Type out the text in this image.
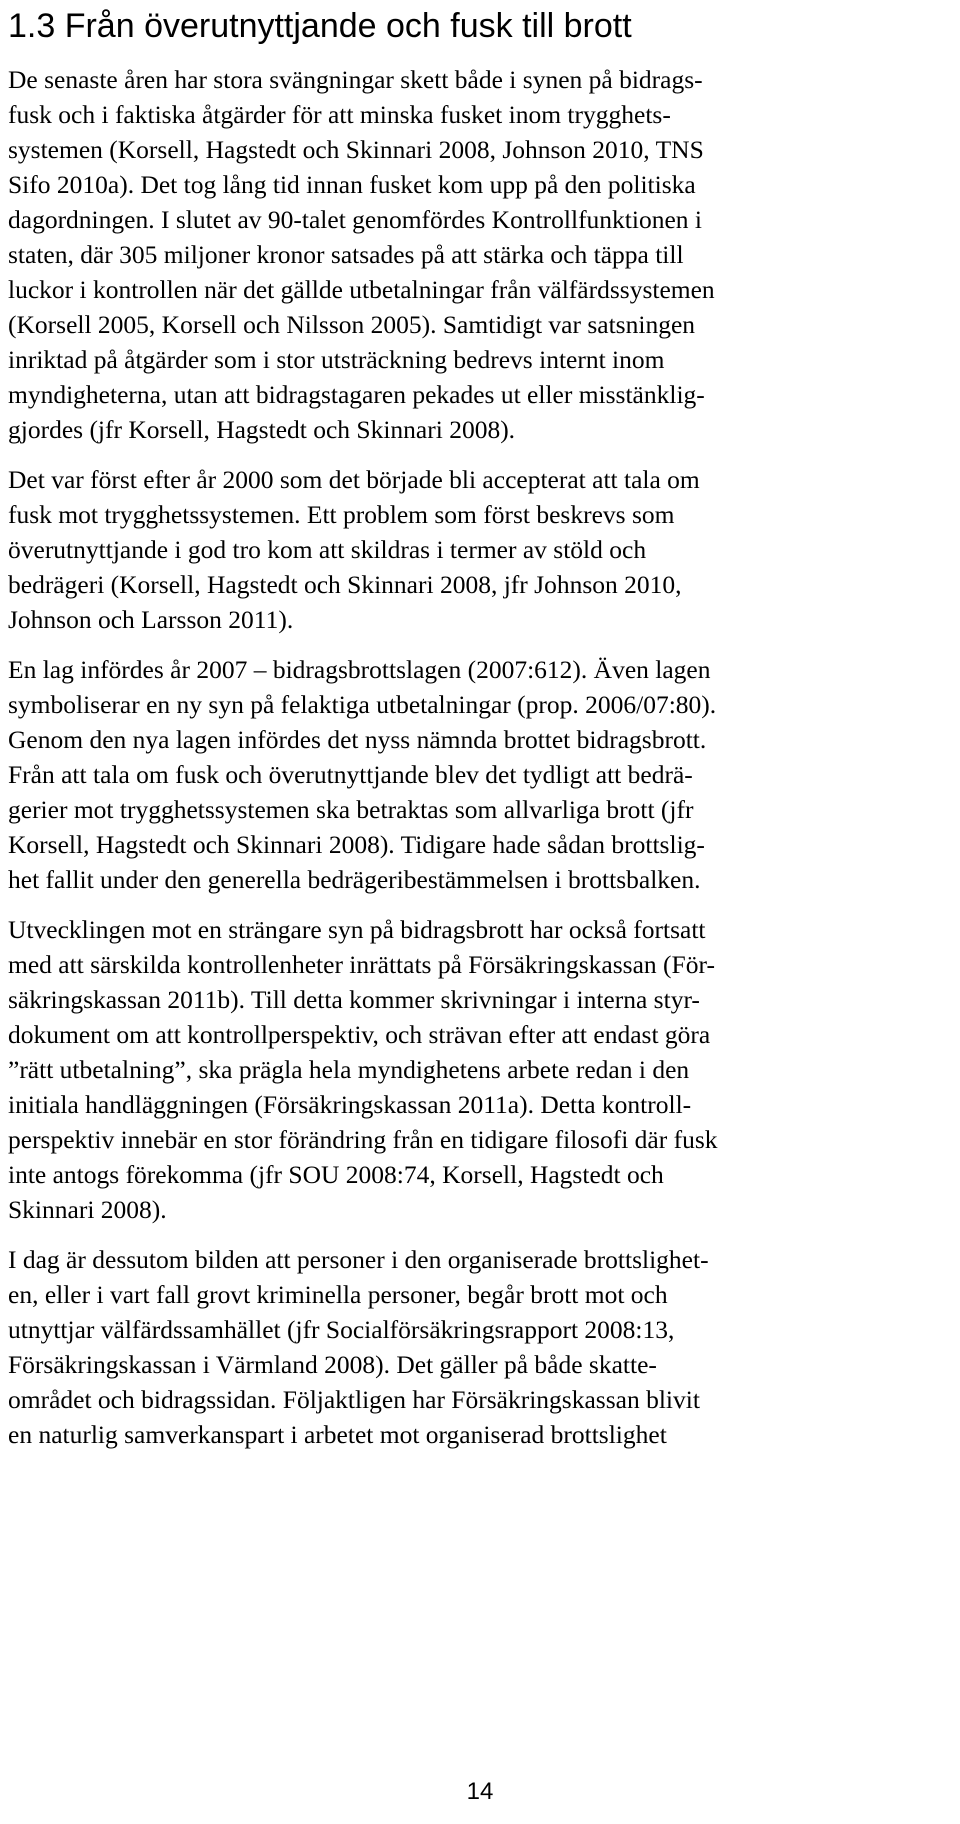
1.3 Från överutnyttjande och fusk till brott

De senaste åren har stora svängningar skett både i synen på bidrags-
fusk och i faktiska åtgärder för att minska fusket inom trygghets-
systemen (Korsell, Hagstedt och Skinnari 2008, Johnson 2010, TNS
Sifo 2010a). Det tog lång tid innan fusket kom upp på den politiska
dagordningen. I slutet av 90-talet genomfördes Kontrollfunktionen i
staten, där 305 miljoner kronor satsades på att stärka och täppa till
luckor i kontrollen när det gällde utbetalningar från välfärdssystemen
(Korsell 2005, Korsell och Nilsson 2005). Samtidigt var satsningen
inriktad på åtgärder som i stor utsträckning bedrevs internt inom
myndigheterna, utan att bidragstagaren pekades ut eller misstänklig-
gjordes (jfr Korsell, Hagstedt och Skinnari 2008).

Det var först efter år 2000 som det började bli accepterat att tala om
fusk mot trygghetssystemen. Ett problem som först beskrevs som
överutnyttjande i god tro kom att skildras i termer av stöld och
bedrägeri (Korsell, Hagstedt och Skinnari 2008, jfr Johnson 2010,
Johnson och Larsson 2011).

En lag infördes år 2007 – bidragsbrottslagen (2007:612). Även lagen
symboliserar en ny syn på felaktiga utbetalningar (prop. 2006/07:80).
Genom den nya lagen infördes det nyss nämnda brottet bidragsbrott.
Från att tala om fusk och överutnyttjande blev det tydligt att bedrä-
gerier mot trygghetssystemen ska betraktas som allvarliga brott (jfr
Korsell, Hagstedt och Skinnari 2008). Tidigare hade sådan brottslig-
het fallit under den generella bedrägeribestämmelsen i brottsbalken.

Utvecklingen mot en strängare syn på bidragsbrott har också fortsatt
med att särskilda kontrollenheter inrättats på Försäkringskassan (För-
säkringskassan 2011b). Till detta kommer skrivningar i interna styr-
dokument om att kontrollperspektiv, och strävan efter att endast göra
”rätt utbetalning”, ska prägla hela myndighetens arbete redan i den
initiala handläggningen (Försäkringskassan 2011a). Detta kontroll-
perspektiv innebär en stor förändring från en tidigare filosofi där fusk
inte antogs förekomma (jfr SOU 2008:74, Korsell, Hagstedt och
Skinnari 2008).

I dag är dessutom bilden att personer i den organiserade brottslighet-
en, eller i vart fall grovt kriminella personer, begår brott mot och
utnyttjar välfärdssamhället (jfr Socialförsäkringsrapport 2008:13,
Försäkringskassan i Värmland 2008). Det gäller på både skatte-
området och bidragssidan. Följaktligen har Försäkringskassan blivit
en naturlig samverkanspart i arbetet mot organiserad brottslighet

14
